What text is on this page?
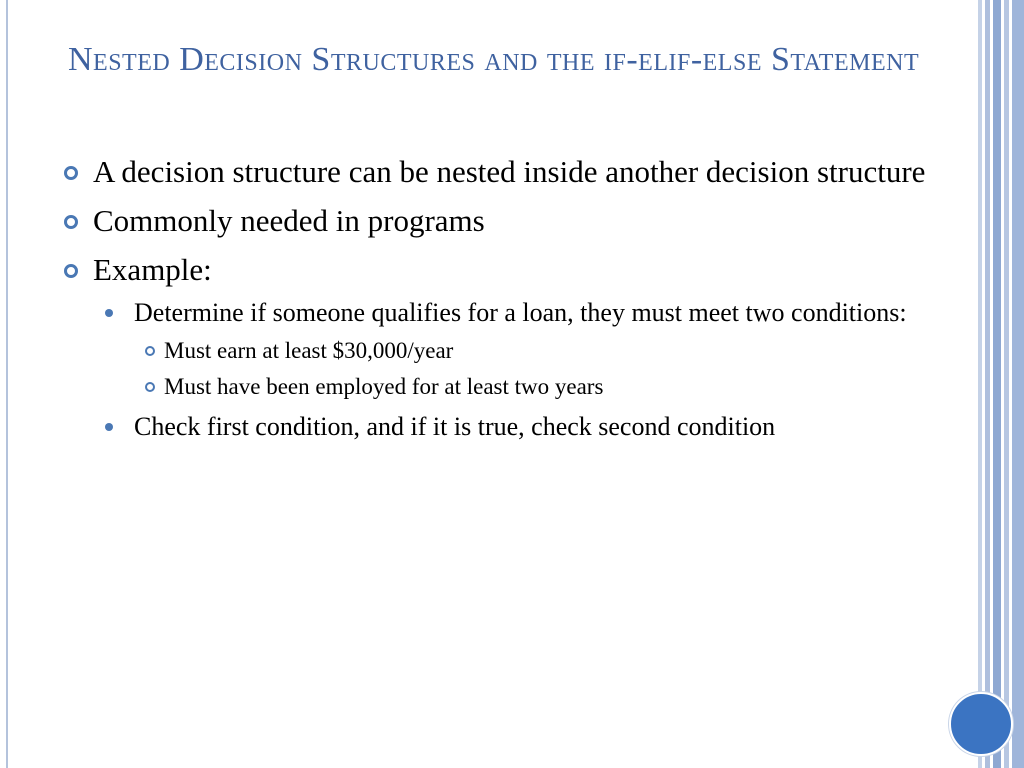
Nested Decision Structures and the if-elif-else Statement
A decision structure can be nested inside another decision structure
Commonly needed in programs
Example:
Determine if someone qualifies for a loan, they must meet two conditions:
Must earn at least $30,000/year
Must have been employed for at least two years
Check first condition, and if it is true, check second condition
